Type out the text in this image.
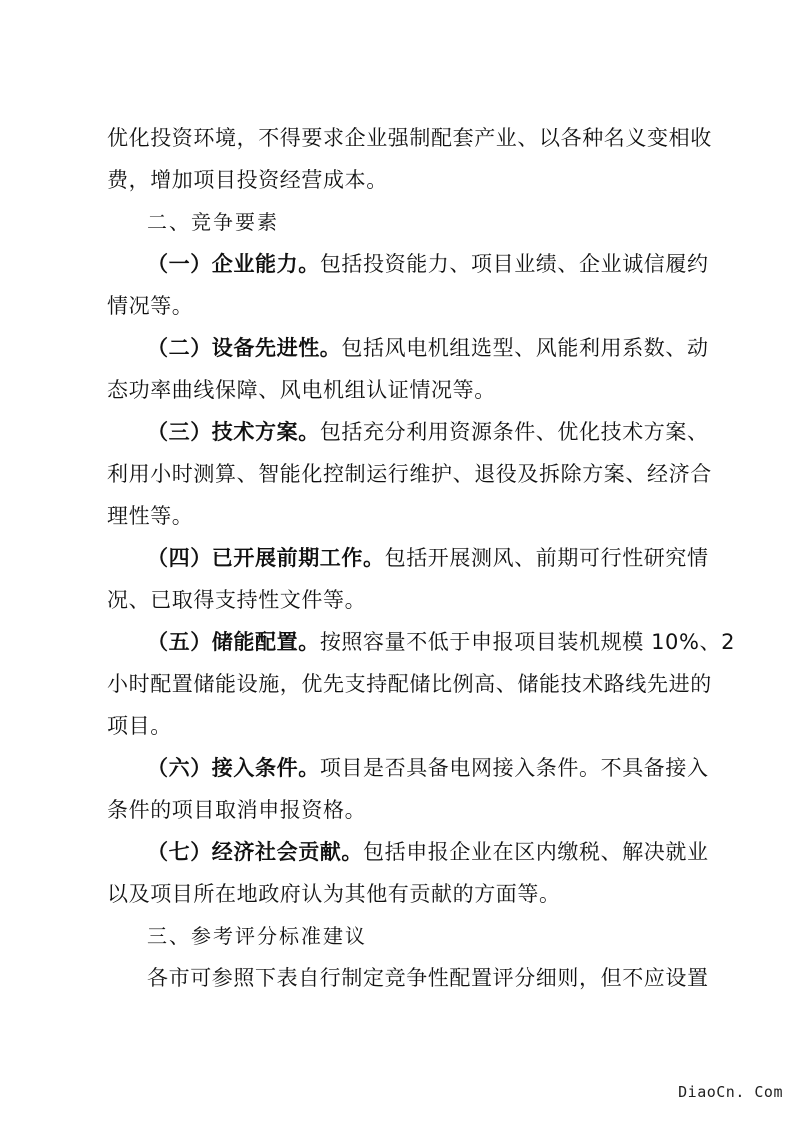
优化投资环境，不得要求企业强制配套产业、以各种名义变相收
费，增加项目投资经营成本。
二、竞争要素
（一）企业能力。包括投资能力、项目业绩、企业诚信履约
情况等。
（二）设备先进性。包括风电机组选型、风能利用系数、动
态功率曲线保障、风电机组认证情况等。
（三）技术方案。包括充分利用资源条件、优化技术方案、
利用小时测算、智能化控制运行维护、退役及拆除方案、经济合
理性等。
（四）已开展前期工作。包括开展测风、前期可行性研究情
况、已取得支持性文件等。
（五）储能配置。按照容量不低于申报项目装机规模 10%、2
小时配置储能设施，优先支持配储比例高、储能技术路线先进的
项目。
（六）接入条件。项目是否具备电网接入条件。不具备接入
条件的项目取消申报资格。
（七）经济社会贡献。包括申报企业在区内缴税、解决就业
以及项目所在地政府认为其他有贡献的方面等。
三、参考评分标准建议
各市可参照下表自行制定竞争性配置评分细则，但不应设置
DiaoCn. Com
